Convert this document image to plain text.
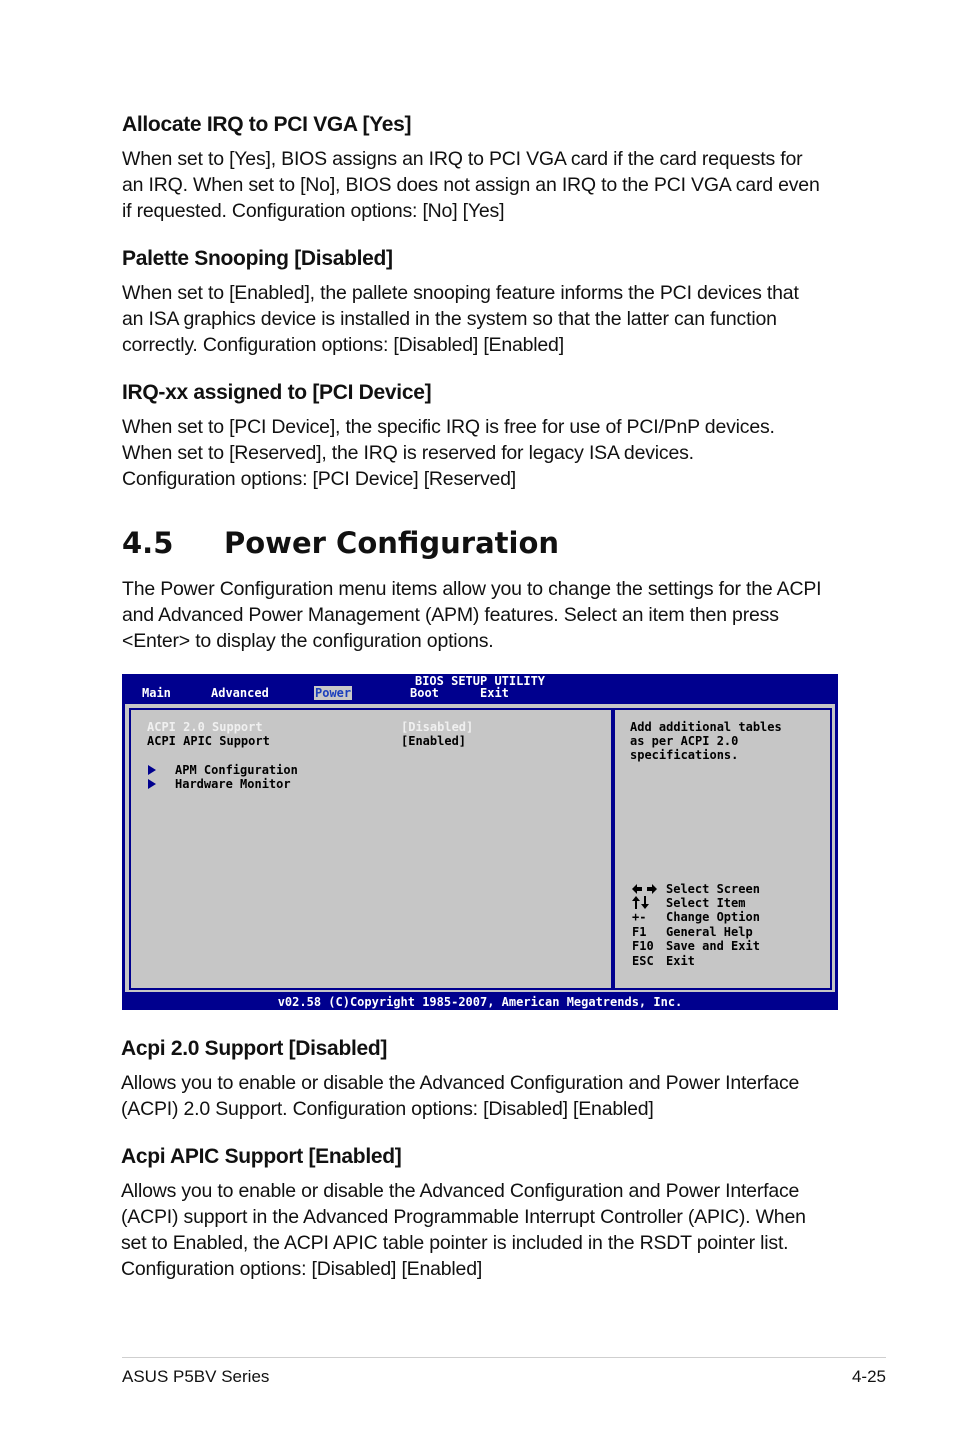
Allocate IRQ to PCI VGA [Yes]

When set to [Yes], BIOS assigns an IRQ to PCI VGA card if the card requests for
an IRQ. When set to [No], BIOS does not assign an IRQ to the PCI VGA card even
if requested. Configuration options: [No] [Yes]

Palette Snooping [Disabled]

When set to [Enabled], the pallete snooping feature informs the PCI devices that
an ISA graphics device is installed in the system so that the latter can function
correctly. Configuration options: [Disabled] [Enabled]

IRQ-xx assigned to [PCI Device]

When set to [PCI Device], the specific IRQ is free for use of PCI/PnP devices.
When set to [Reserved], the IRQ is reserved for legacy ISA devices.
Configuration options: [PCI Device] [Reserved]

4.5 Power Configuration

The Power Configuration menu items allow you to change the settings for the ACPI
and Advanced Power Management (APM) features. Select an item then press
<Enter> to display the configuration options.

BIOS SETUP UTILITY
Main	Advanced	Power	Boot	Exit
ACPI 2.0 Support	[Disabled]
ACPI APIC Support	[Enabled]
APM Configuration
Hardware Monitor
Add additional tables
as per ACPI 2.0
specifications.
Select Screen
Select Item
+- Change Option
F1 General Help
F10 Save and Exit
ESC Exit
v02.58 (C)Copyright 1985-2007, American Megatrends, Inc.
Acpi 2.0 Support [Disabled]

Allows you to enable or disable the Advanced Configuration and Power Interface
(ACPI) 2.0 Support. Configuration options: [Disabled] [Enabled]

Acpi APIC Support [Enabled]

Allows you to enable or disable the Advanced Configuration and Power Interface
(ACPI) support in the Advanced Programmable Interrupt Controller (APIC). When
set to Enabled, the ACPI APIC table pointer is included in the RSDT pointer list.
Configuration options: [Disabled] [Enabled]

ASUS P5BV Series	4-25
